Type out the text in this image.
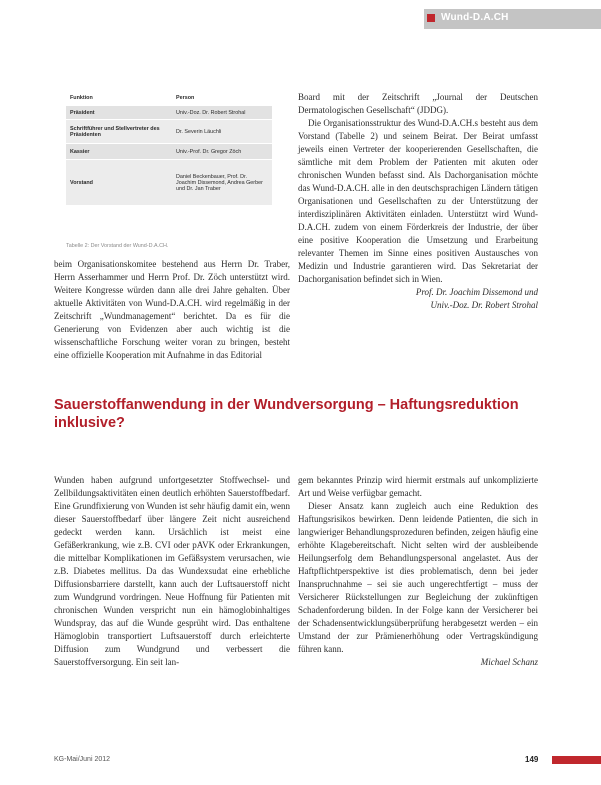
Wund-D.A.CH
Funktion	Person
Präsident	Univ.-Doz. Dr. Robert Strohal
Schriftführer und Stellvertreter des Präsidenten	Dr. Severin Läuchli
Kassier	Univ.-Prof. Dr. Gregor Zöch
Vorstand	Daniel Beckenbauer, Prof. Dr. Joachim Dissemond, Andrea Gerber und Dr. Jan Traber
Tabelle 2: Der Vorstand der Wund-D.A.CH.

beim Organisationskomitee bestehend aus Herrn Dr. Traber, Herrn Asserhammer und Herrn Prof. Dr. Zöch unterstützt wird. Weitere Kongresse würden dann alle drei Jahre gehalten. Über aktuelle Aktivitäten von Wund-D.A.CH. wird regelmäßig in der Zeitschrift „Wundmanagement“ berichtet. Da es für die Generierung von Evidenzen aber auch wichtig ist die wissenschaftliche Forschung weiter voran zu bringen, besteht eine offizielle Kooperation mit Aufnahme in das Editorial

Board mit der Zeitschrift „Journal der Deutschen Dermatologischen Gesellschaft“ (JDDG).

Die Organisationsstruktur des Wund-D.A.CH.s besteht aus dem Vorstand (Tabelle 2) und seinem Beirat. Der Beirat umfasst jeweils einen Vertreter der kooperierenden Gesellschaften, die sämtliche mit dem Problem der Patienten mit akuten oder chronischen Wunden befasst sind. Als Dachorganisation möchte das Wund-D.A.CH. alle in den deutschsprachigen Ländern tätigen Organisationen und Gesellschaften zu der Unterstützung der interdisziplinären Aktivitäten einladen. Unterstützt wird Wund-D.A.CH. zudem von einem Förderkreis der Industrie, der über eine positive Kooperation die Umsetzung und Erarbeitung relevanter Themen im Sinne eines positiven Austausches von Medizin und Industrie garantieren wird. Das Sekretariat der Dachorganisation befindet sich in Wien.

Prof. Dr. Joachim Dissemond und

Univ.-Doz. Dr. Robert Strohal

Sauerstoffanwendung in der Wundversorgung – Haftungsreduktion inklusive?

Wunden haben aufgrund unfortgesetzter Stoffwechsel- und Zellbildungsaktivitäten einen deutlich erhöhten Sauerstoffbedarf. Eine Grundfixierung von Wunden ist sehr häufig damit ein, wenn dieser Sauerstoffbedarf über längere Zeit nicht ausreichend gedeckt werden kann. Ursächlich ist meist eine Gefäßerkrankung, wie z.B. CVI oder pAVK oder Erkrankungen, die mittelbar Komplikationen im Gefäßsystem verursachen, wie z.B. Diabetes mellitus. Da das Wundexsudat eine erhebliche Diffusionsbarriere darstellt, kann auch der Luftsauerstoff nicht zum Wundgrund vordringen. Neue Hoffnung für Patienten mit chronischen Wunden verspricht nun ein hämoglobinhaltiges Wundspray, das auf die Wunde gesprüht wird. Das enthaltene Hämoglobin transportiert Luftsauerstoff durch erleichterte Diffusion zum Wundgrund und verbessert die Sauerstoffversorgung. Ein seit lan-

gem bekanntes Prinzip wird hiermit erstmals auf unkomplizierte Art und Weise verfügbar gemacht.

Dieser Ansatz kann zugleich auch eine Reduktion des Haftungsrisikos bewirken. Denn leidende Patienten, die sich in langwieriger Behandlungsprozeduren befinden, zeigen häufig eine erhöhte Klagebereitschaft. Nicht selten wird der ausbleibende Heilungserfolg dem Behandlungspersonal angelastet. Aus der Haftpflichtperspektive ist dies problematisch, denn bei jeder Inanspruchnahme – sei sie auch ungerechtfertigt – muss der Versicherer Rückstellungen zur Begleichung der zukünftigen Schadenforderung bilden. In der Folge kann der Versicherer bei der Schadensentwicklungsüberprüfung herabgesetzt werden – ein Umstand der zur Prämienerhöhung oder Vertragskündigung führen kann.

Michael Schanz

KG-Mai/Juni 2012	149
